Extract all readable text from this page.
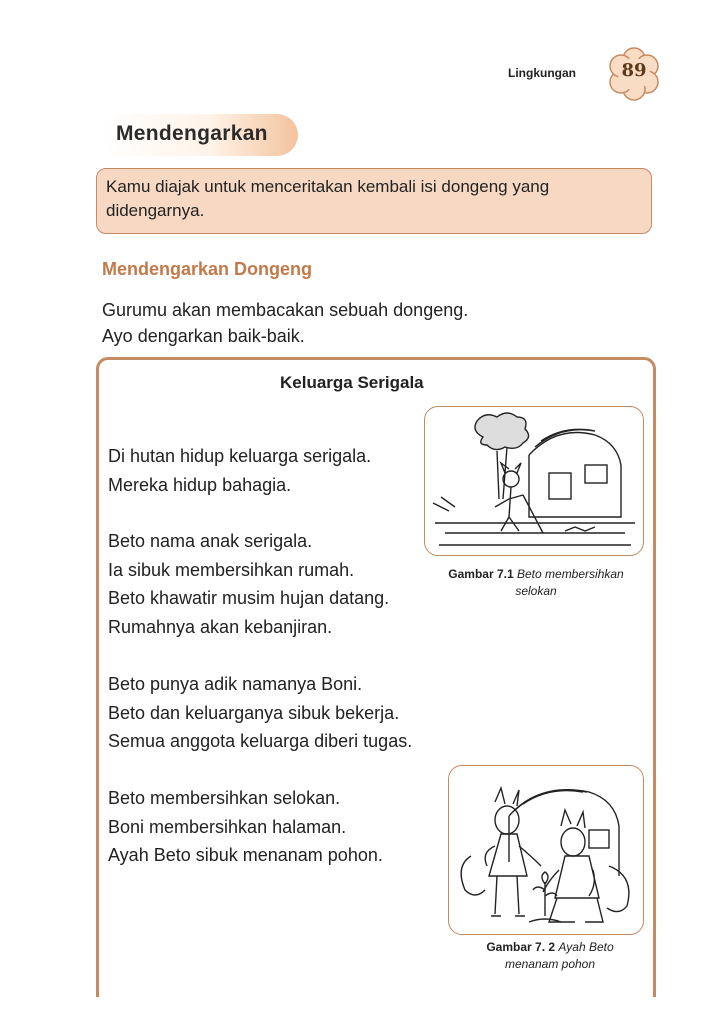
Lingkungan	89
Mendengarkan
Kamu diajak untuk menceritakan kembali isi dongeng yang didengarnya.
Mendengarkan Dongeng
Gurumu akan membacakan sebuah dongeng.
Ayo dengarkan baik-baik.
Keluarga Serigala
Di hutan hidup keluarga serigala.
Mereka hidup bahagia.
Beto nama anak serigala.
Ia sibuk membersihkan rumah.
Beto khawatir musim hujan datang.
Rumahnya akan kebanjiran.
Beto punya adik namanya Boni.
Beto dan keluarganya sibuk bekerja.
Semua anggota keluarga diberi tugas.
Beto membersihkan selokan.
Boni membersihkan halaman.
Ayah Beto sibuk menanam pohon.
Gambar 7.1 Beto membersihkan
selokan
Gambar 7. 2 Ayah Beto
menanam pohon
